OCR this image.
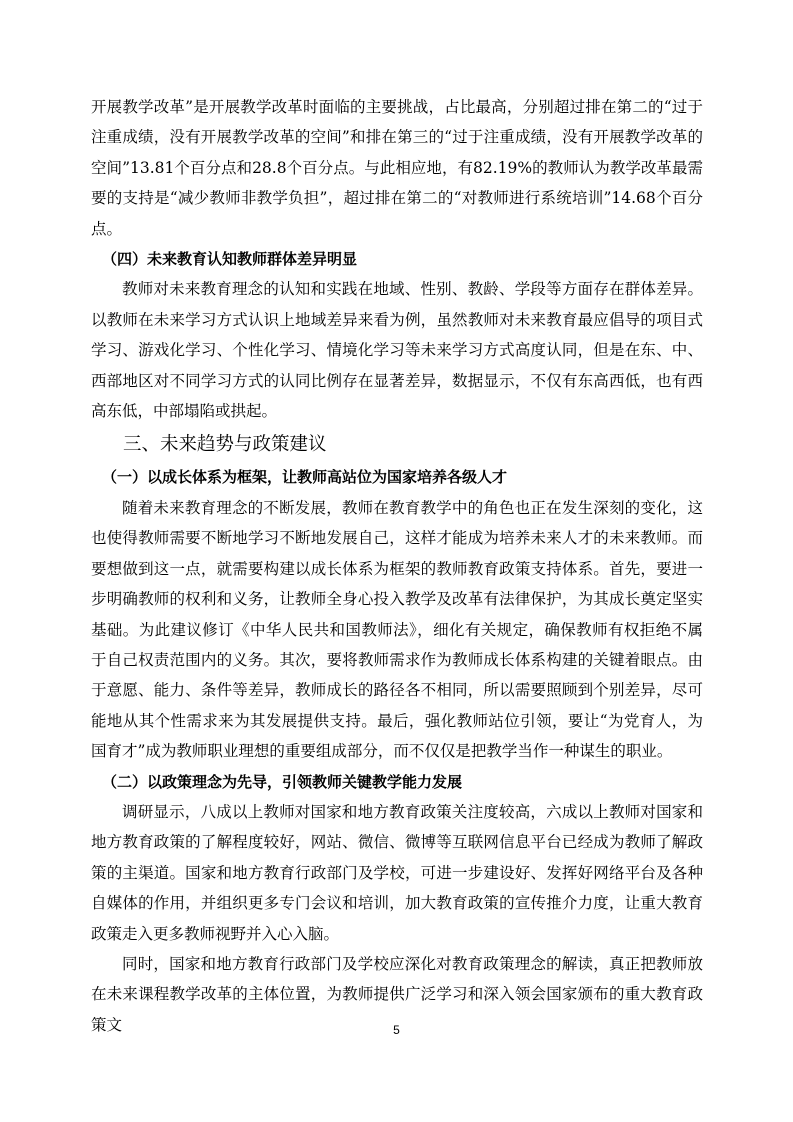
开展教学改革”是开展教学改革时面临的主要挑战，占比最高，分别超过排在第二的“过于注重成绩，没有开展教学改革的空间”和排在第三的“过于注重成绩，没有开展教学改革的空间”13.81个百分点和28.8个百分点。与此相应地，有82.19%的教师认为教学改革最需要的支持是“减少教师非教学负担”，超过排在第二的“对教师进行系统培训”14.68个百分点。

（四）未来教育认知教师群体差异明显

教师对未来教育理念的认知和实践在地域、性别、教龄、学段等方面存在群体差异。以教师在未来学习方式认识上地域差异来看为例，虽然教师对未来教育最应倡导的项目式学习、游戏化学习、个性化学习、情境化学习等未来学习方式高度认同，但是在东、中、西部地区对不同学习方式的认同比例存在显著差异，数据显示，不仅有东高西低，也有西高东低，中部塌陷或拱起。

三、未来趋势与政策建议

（一）以成长体系为框架，让教师高站位为国家培养各级人才

随着未来教育理念的不断发展，教师在教育教学中的角色也正在发生深刻的变化，这也使得教师需要不断地学习不断地发展自己，这样才能成为培养未来人才的未来教师。而要想做到这一点，就需要构建以成长体系为框架的教师教育政策支持体系。首先，要进一步明确教师的权利和义务，让教师全身心投入教学及改革有法律保护，为其成长奠定坚实基础。为此建议修订《中华人民共和国教师法》，细化有关规定，确保教师有权拒绝不属于自己权责范围内的义务。其次，要将教师需求作为教师成长体系构建的关键着眼点。由于意愿、能力、条件等差异，教师成长的路径各不相同，所以需要照顾到个别差异，尽可能地从其个性需求来为其发展提供支持。最后，强化教师站位引领，要让“为党育人，为国育才”成为教师职业理想的重要组成部分，而不仅仅是把教学当作一种谋生的职业。

（二）以政策理念为先导，引领教师关键教学能力发展

调研显示，八成以上教师对国家和地方教育政策关注度较高，六成以上教师对国家和地方教育政策的了解程度较好，网站、微信、微博等互联网信息平台已经成为教师了解政策的主渠道。国家和地方教育行政部门及学校，可进一步建设好、发挥好网络平台及各种自媒体的作用，并组织更多专门会议和培训，加大教育政策的宣传推介力度，让重大教育政策走入更多教师视野并入心入脑。

同时，国家和地方教育行政部门及学校应深化对教育政策理念的解读，真正把教师放在未来课程教学改革的主体位置，为教师提供广泛学习和深入领会国家颁布的重大教育政策文	5
